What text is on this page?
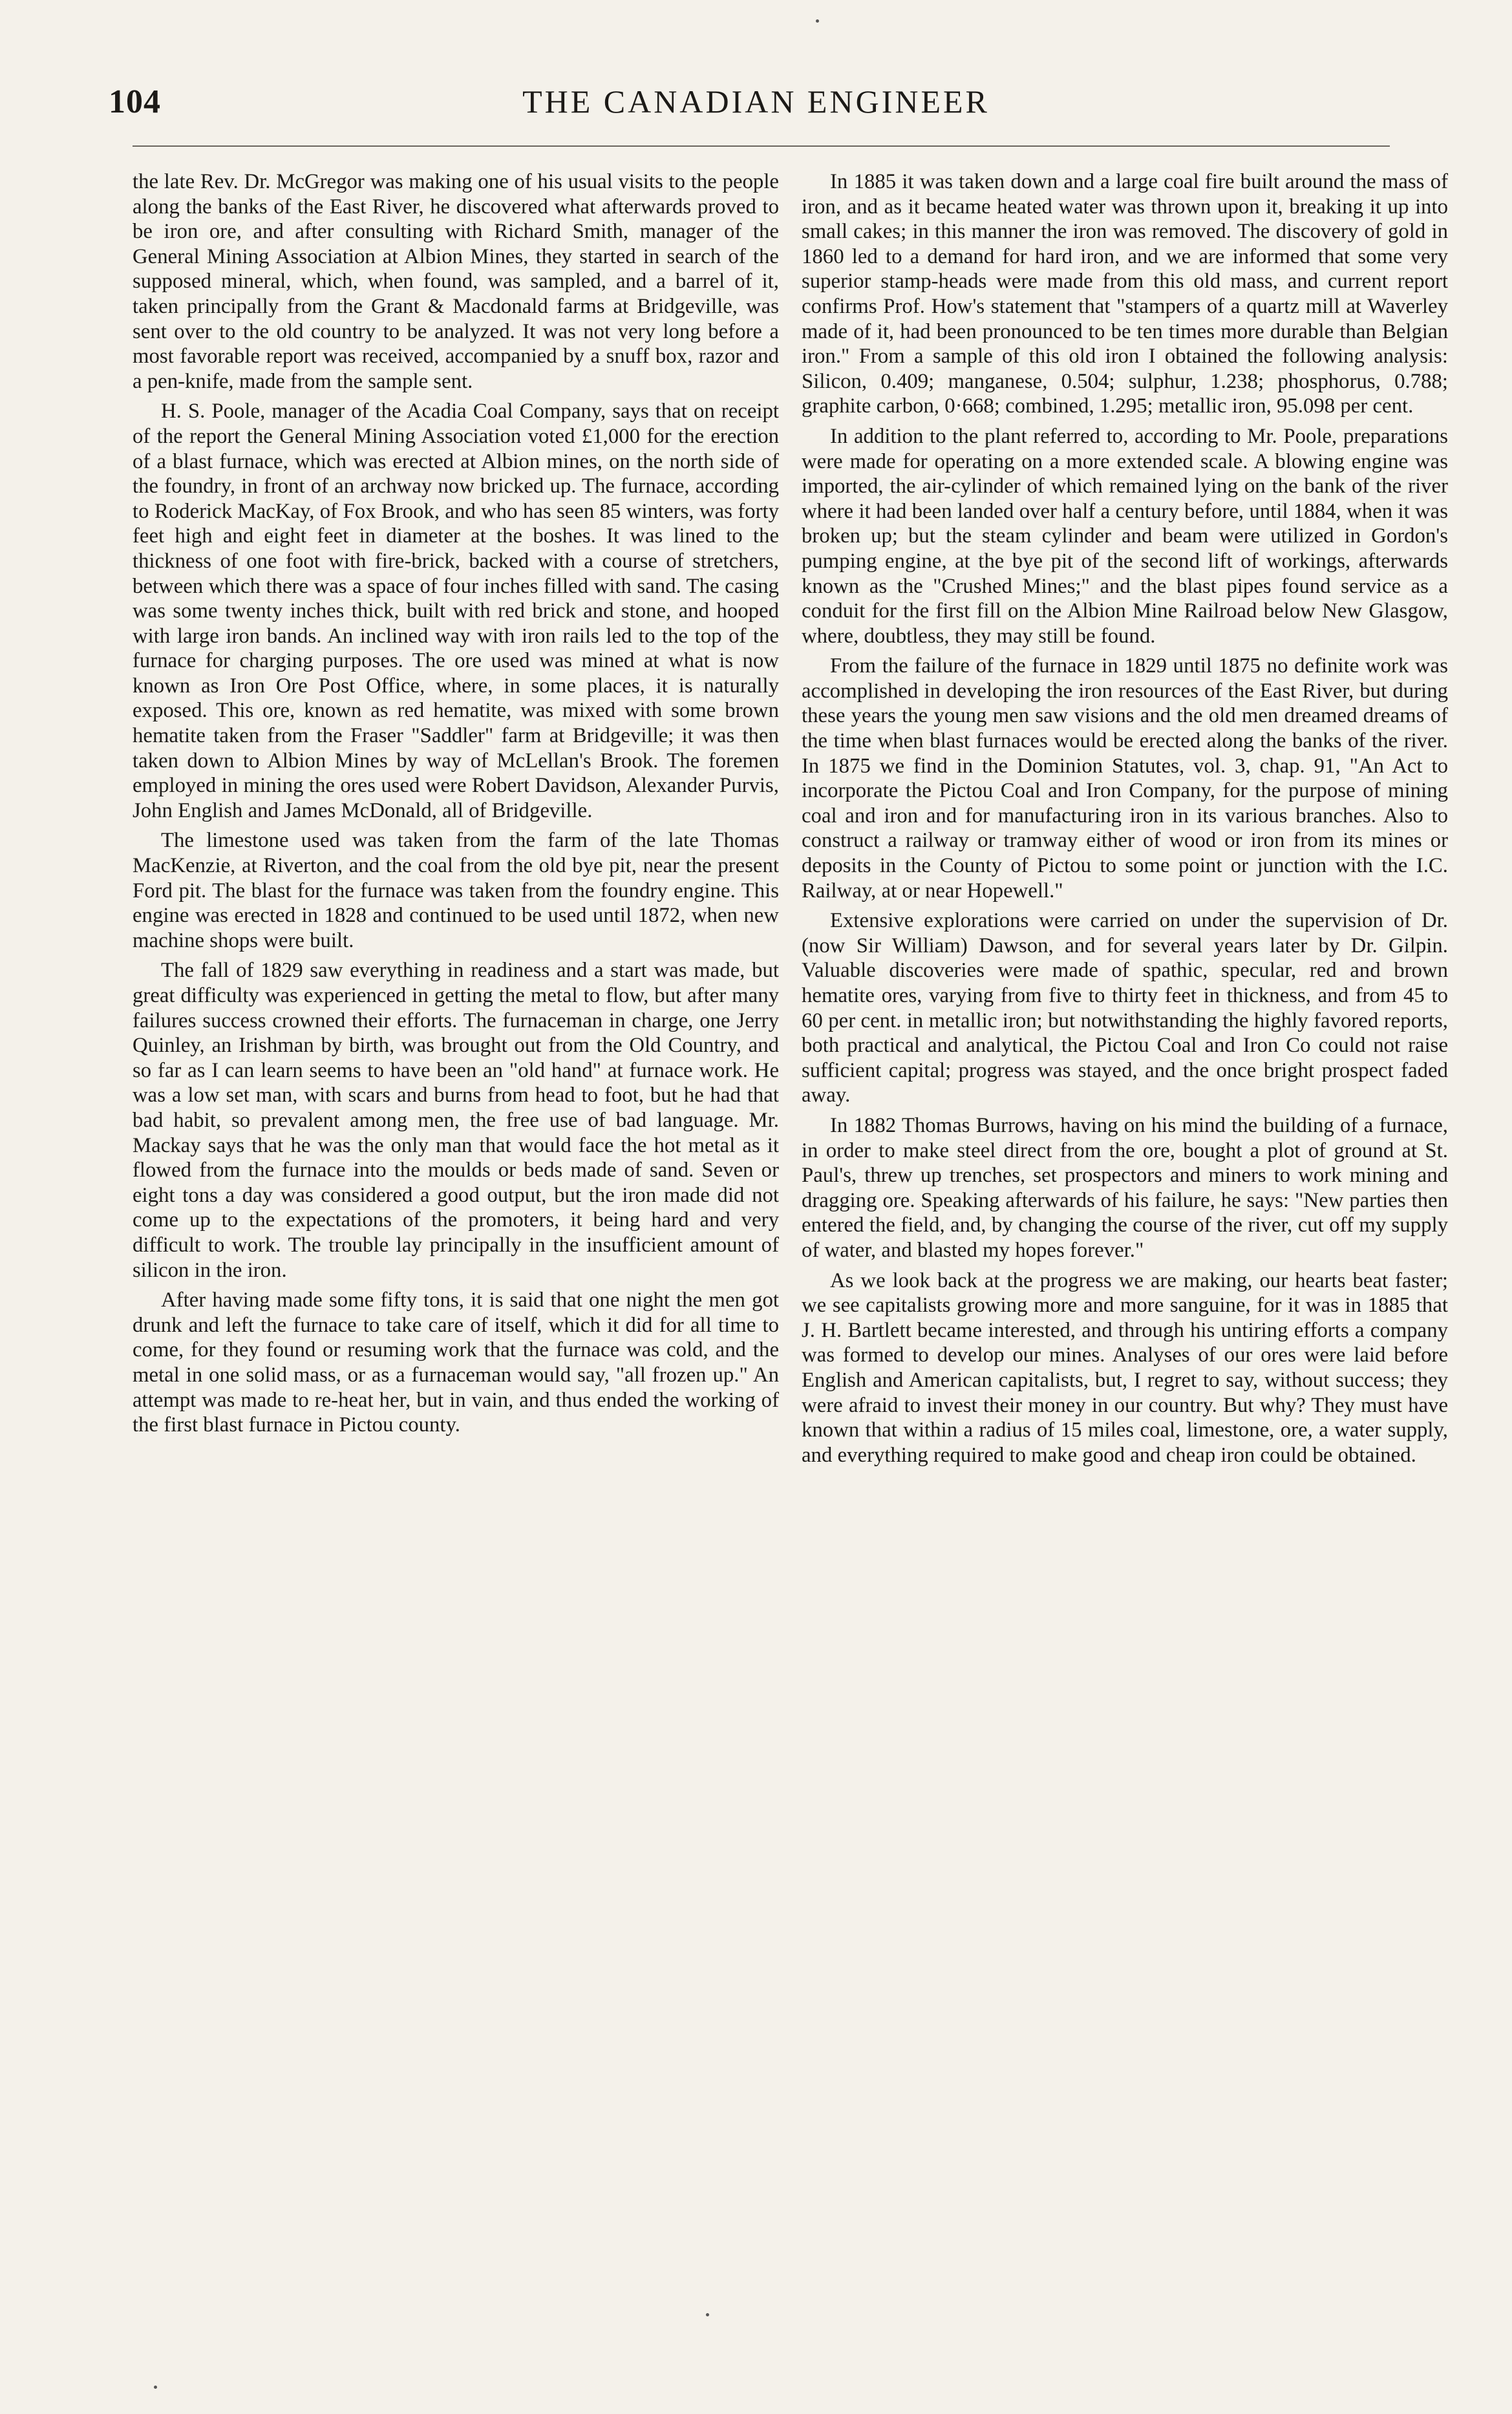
104	THE CANADIAN ENGINEER

the late Rev. Dr. McGregor was making one of his usual visits to the people along the banks of the East River, he discovered what afterwards proved to be iron ore, and after consulting with Richard Smith, manager of the General Mining Association at Albion Mines, they started in search of the supposed mineral, which, when found, was sampled, and a barrel of it, taken principally from the Grant & Macdonald farms at Bridgeville, was sent over to the old country to be analyzed. It was not very long before a most favorable report was received, accompanied by a snuff box, razor and a pen-knife, made from the sample sent.

H. S. Poole, manager of the Acadia Coal Company, says that on receipt of the report the General Mining Association voted £1,000 for the erection of a blast furnace, which was erected at Albion mines, on the north side of the foundry, in front of an archway now bricked up. The furnace, according to Roderick MacKay, of Fox Brook, and who has seen 85 winters, was forty feet high and eight feet in diameter at the boshes. It was lined to the thickness of one foot with fire-brick, backed with a course of stretchers, between which there was a space of four inches filled with sand. The casing was some twenty inches thick, built with red brick and stone, and hooped with large iron bands. An inclined way with iron rails led to the top of the furnace for charging purposes. The ore used was mined at what is now known as Iron Ore Post Office, where, in some places, it is naturally exposed. This ore, known as red hematite, was mixed with some brown hematite taken from the Fraser "Saddler" farm at Bridgeville; it was then taken down to Albion Mines by way of McLellan's Brook. The foremen employed in mining the ores used were Robert Davidson, Alexander Purvis, John English and James McDonald, all of Bridgeville.

The limestone used was taken from the farm of the late Thomas MacKenzie, at Riverton, and the coal from the old bye pit, near the present Ford pit. The blast for the furnace was taken from the foundry engine. This engine was erected in 1828 and continued to be used until 1872, when new machine shops were built.

The fall of 1829 saw everything in readiness and a start was made, but great difficulty was experienced in getting the metal to flow, but after many failures success crowned their efforts. The furnaceman in charge, one Jerry Quinley, an Irishman by birth, was brought out from the Old Country, and so far as I can learn seems to have been an "old hand" at furnace work. He was a low set man, with scars and burns from head to foot, but he had that bad habit, so prevalent among men, the free use of bad language. Mr. Mackay says that he was the only man that would face the hot metal as it flowed from the furnace into the moulds or beds made of sand. Seven or eight tons a day was considered a good output, but the iron made did not come up to the expectations of the promoters, it being hard and very difficult to work. The trouble lay principally in the insufficient amount of silicon in the iron.

After having made some fifty tons, it is said that one night the men got drunk and left the furnace to take care of itself, which it did for all time to come, for they found or resuming work that the furnace was cold, and the metal in one solid mass, or as a furnaceman would say, "all frozen up." An attempt was made to re-heat her, but in vain, and thus ended the working of the first blast furnace in Pictou county.

In 1885 it was taken down and a large coal fire built around the mass of iron, and as it became heated water was thrown upon it, breaking it up into small cakes; in this manner the iron was removed. The discovery of gold in 1860 led to a demand for hard iron, and we are informed that some very superior stamp-heads were made from this old mass, and current report confirms Prof. How's statement that "stampers of a quartz mill at Waverley made of it, had been pronounced to be ten times more durable than Belgian iron." From a sample of this old iron I obtained the following analysis: Silicon, 0.409; manganese, 0.504; sulphur, 1.238; phosphorus, 0.788; graphite carbon, 0·668; combined, 1.295; metallic iron, 95.098 per cent.

In addition to the plant referred to, according to Mr. Poole, preparations were made for operating on a more extended scale. A blowing engine was imported, the air-cylinder of which remained lying on the bank of the river where it had been landed over half a century before, until 1884, when it was broken up; but the steam cylinder and beam were utilized in Gordon's pumping engine, at the bye pit of the second lift of workings, afterwards known as the "Crushed Mines;" and the blast pipes found service as a conduit for the first fill on the Albion Mine Railroad below New Glasgow, where, doubtless, they may still be found.

From the failure of the furnace in 1829 until 1875 no definite work was accomplished in developing the iron resources of the East River, but during these years the young men saw visions and the old men dreamed dreams of the time when blast furnaces would be erected along the banks of the river. In 1875 we find in the Dominion Statutes, vol. 3, chap. 91, "An Act to incorporate the Pictou Coal and Iron Company, for the purpose of mining coal and iron and for manufacturing iron in its various branches. Also to construct a railway or tramway either of wood or iron from its mines or deposits in the County of Pictou to some point or junction with the I.C. Railway, at or near Hopewell."

Extensive explorations were carried on under the supervision of Dr. (now Sir William) Dawson, and for several years later by Dr. Gilpin. Valuable discoveries were made of spathic, specular, red and brown hematite ores, varying from five to thirty feet in thickness, and from 45 to 60 per cent. in metallic iron; but notwithstanding the highly favored reports, both practical and analytical, the Pictou Coal and Iron Co could not raise sufficient capital; progress was stayed, and the once bright prospect faded away.

In 1882 Thomas Burrows, having on his mind the building of a furnace, in order to make steel direct from the ore, bought a plot of ground at St. Paul's, threw up trenches, set prospectors and miners to work mining and dragging ore. Speaking afterwards of his failure, he says: "New parties then entered the field, and, by changing the course of the river, cut off my supply of water, and blasted my hopes forever."

As we look back at the progress we are making, our hearts beat faster; we see capitalists growing more and more sanguine, for it was in 1885 that J. H. Bartlett became interested, and through his untiring efforts a company was formed to develop our mines. Analyses of our ores were laid before English and American capitalists, but, I regret to say, without success; they were afraid to invest their money in our country. But why? They must have known that within a radius of 15 miles coal, limestone, ore, a water supply, and everything required to make good and cheap iron could be obtained.
